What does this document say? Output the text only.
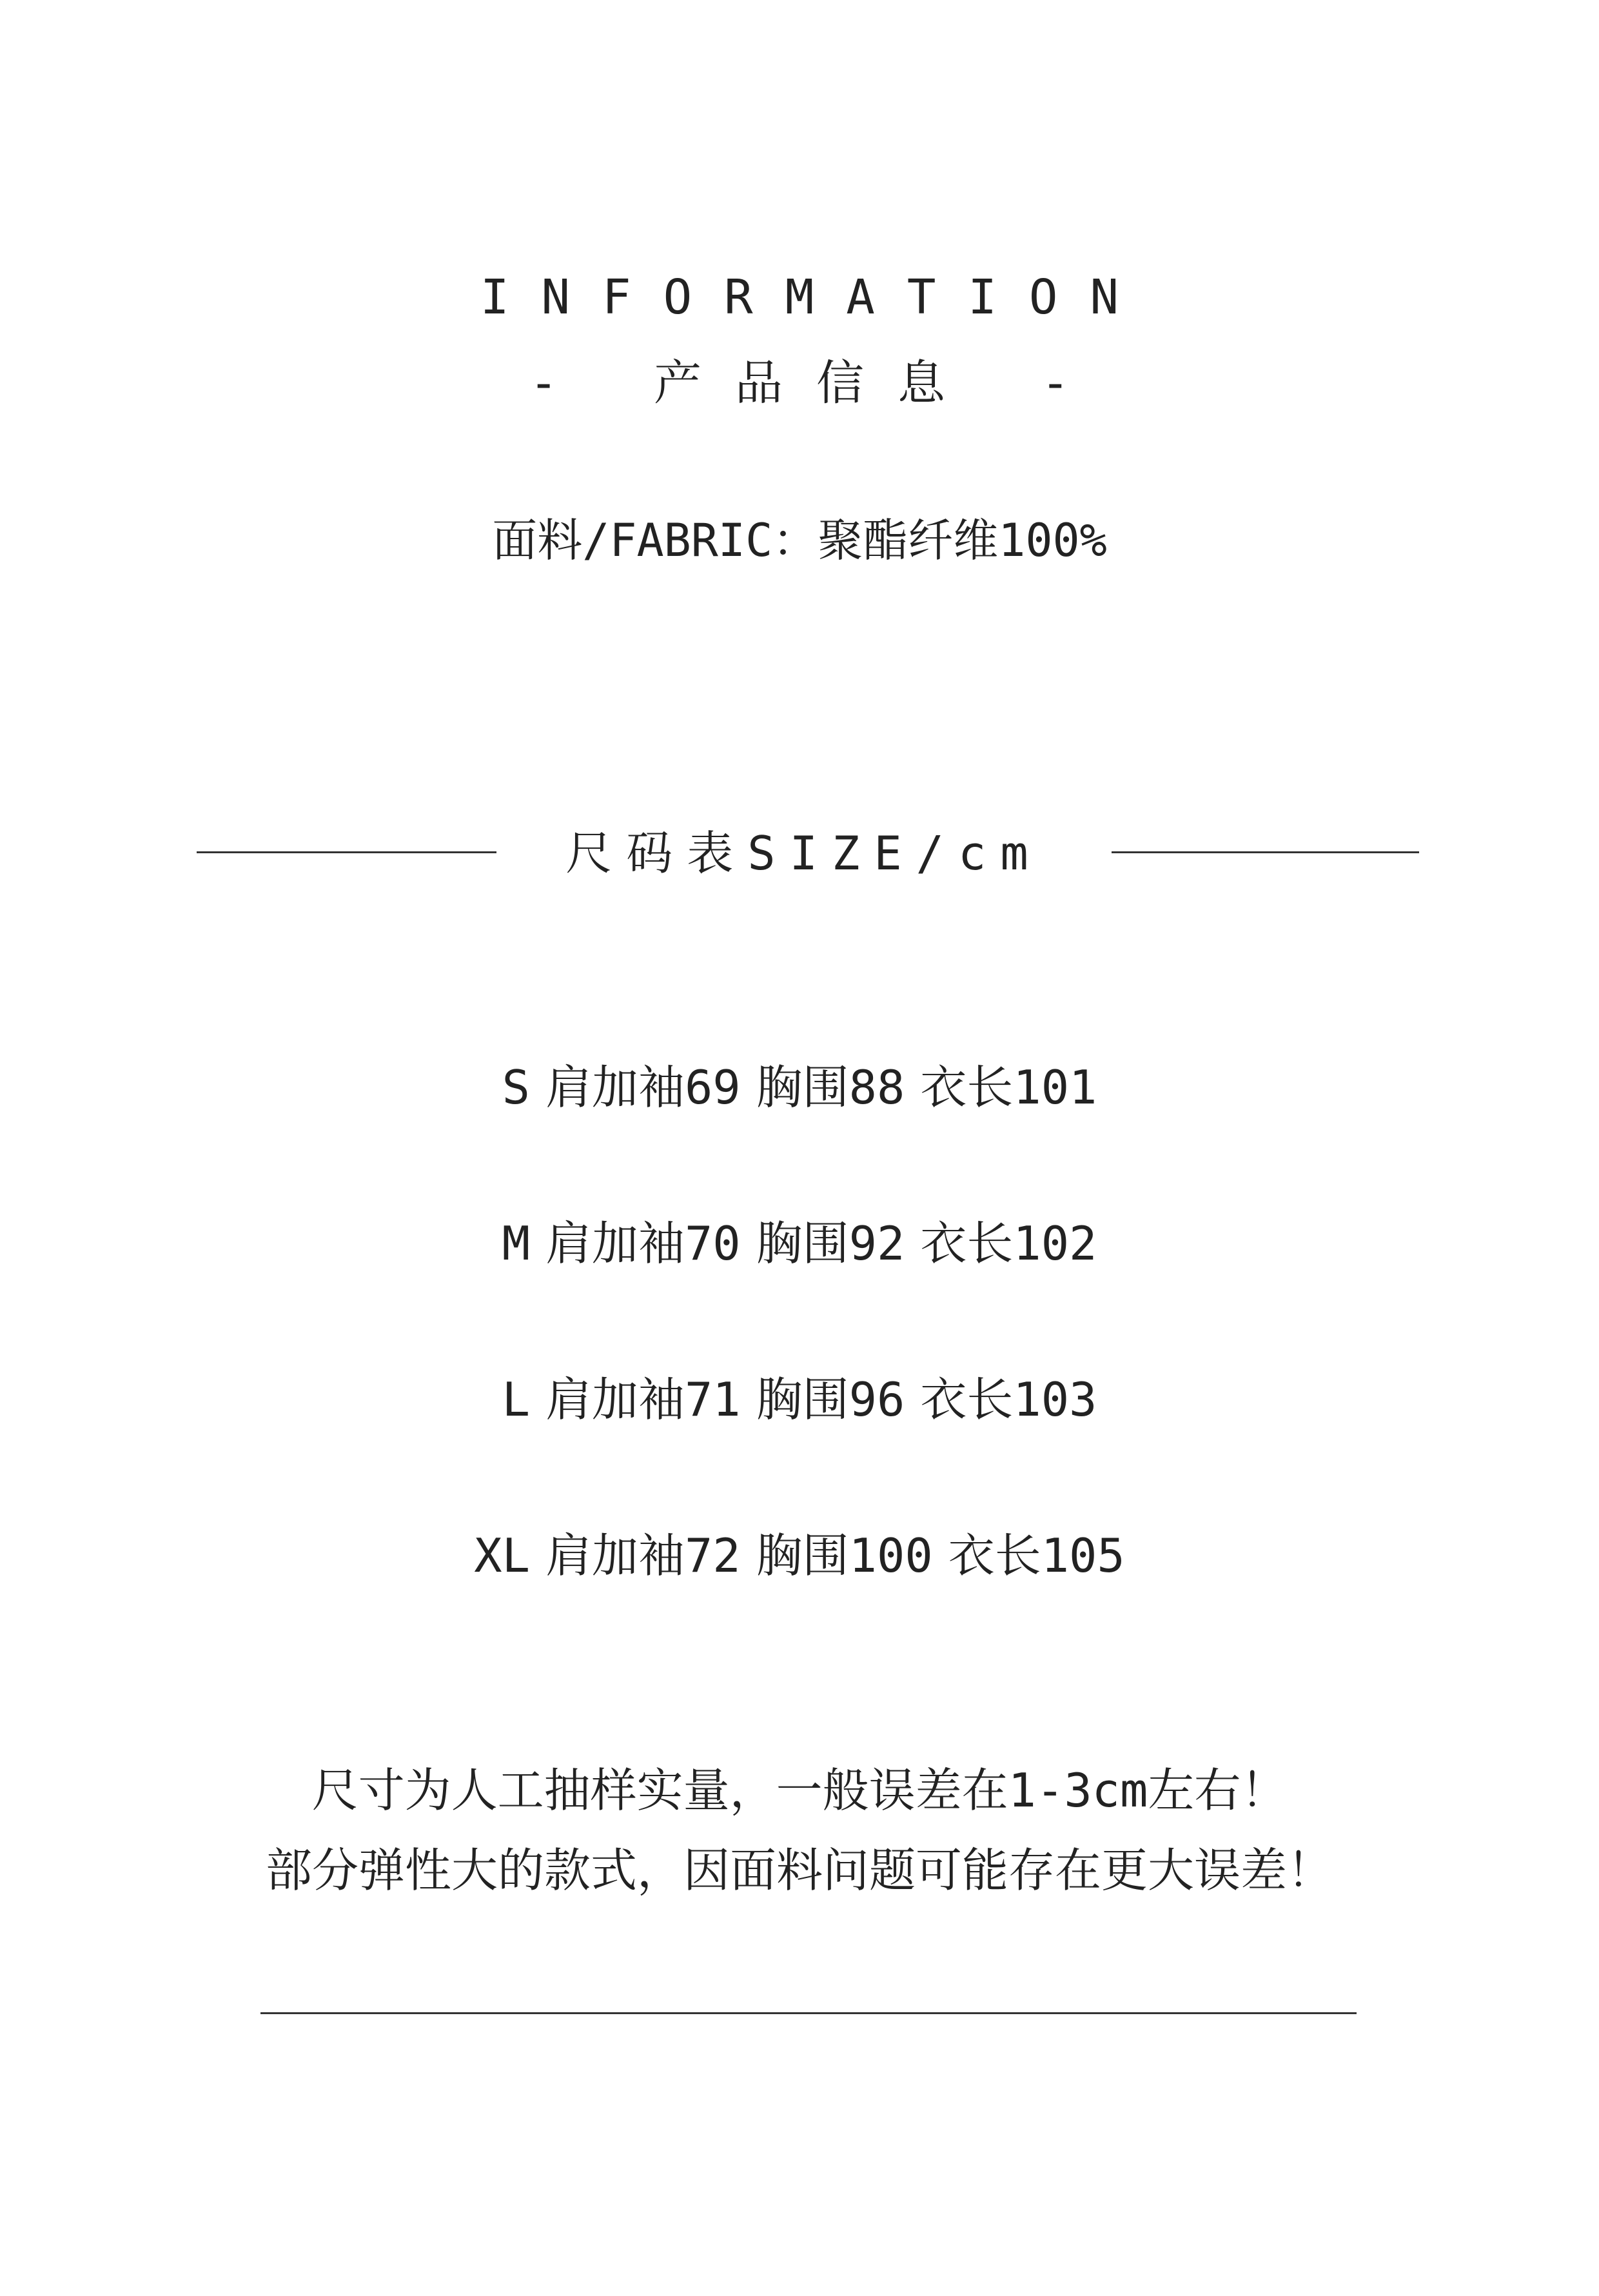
INFORMATION
- 产品信息 -
面料/FABRIC：聚酯纤维100%
尺码表SIZE/cm
S 肩加袖69 胸围88 衣长101
M 肩加袖70 胸围92 衣长102
L 肩加袖71 胸围96 衣长103
XL 肩加袖72 胸围100 衣长105
尺寸为人工抽样实量，一般误差在1-3cm左右！
部分弹性大的款式，因面料问题可能存在更大误差！
